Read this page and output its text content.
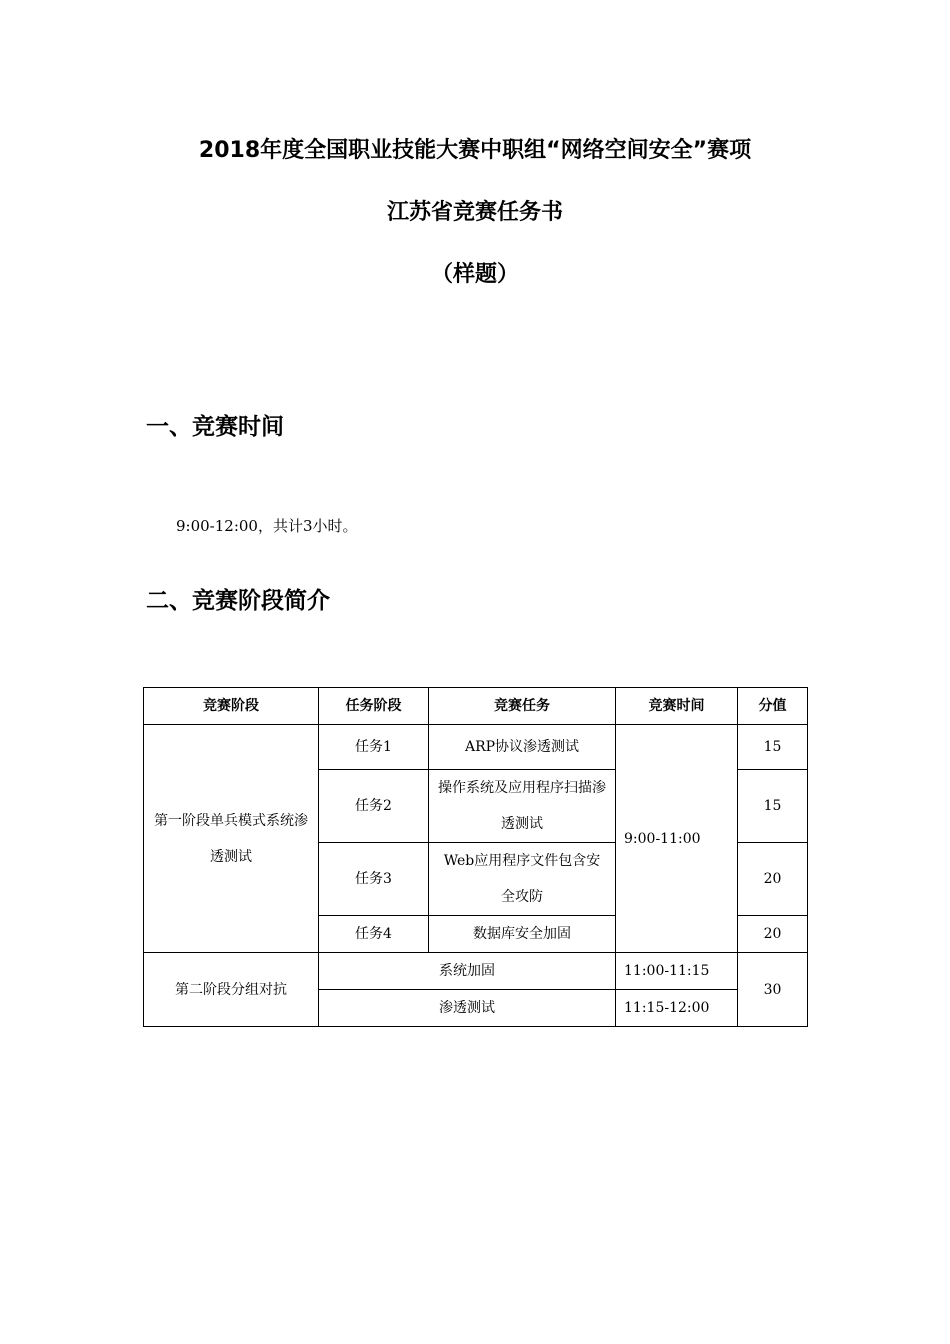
2018年度全国职业技能大赛中职组“网络空间安全”赛项
江苏省竞赛任务书
（样题）
一、竞赛时间

9:00-12:00，共计3小时。

二、竞赛阶段简介
竞赛阶段	任务阶段	竞赛任务	竞赛时间	分值
第一阶段单兵模式系统渗透测试	任务1	ARP协议渗透测试	9:00-11:00	15
	任务2	操作系统及应用程序扫描渗透测试		15
	任务3	Web应用程序文件包含安全攻防		20
	任务4	数据库安全加固		20
第二阶段分组对抗	系统加固		11:00-11:15	30
	渗透测试		11:15-12:00	
